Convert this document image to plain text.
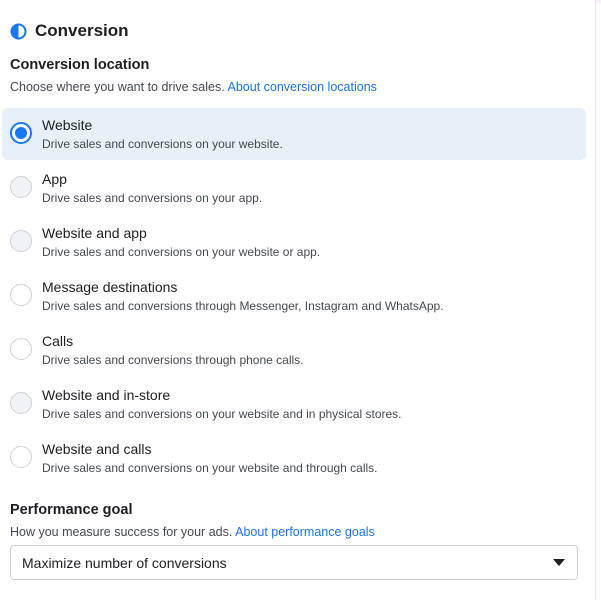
Conversion
Conversion location
Choose where you want to drive sales. About conversion locations
Website
Drive sales and conversions on your website.
App
Drive sales and conversions on your app.
Website and app
Drive sales and conversions on your website or app.
Message destinations
Drive sales and conversions through Messenger, Instagram and WhatsApp.
Calls
Drive sales and conversions through phone calls.
Website and in-store
Drive sales and conversions on your website and in physical stores.
Website and calls
Drive sales and conversions on your website and through calls.
Performance goal
How you measure success for your ads. About performance goals
Maximize number of conversions
